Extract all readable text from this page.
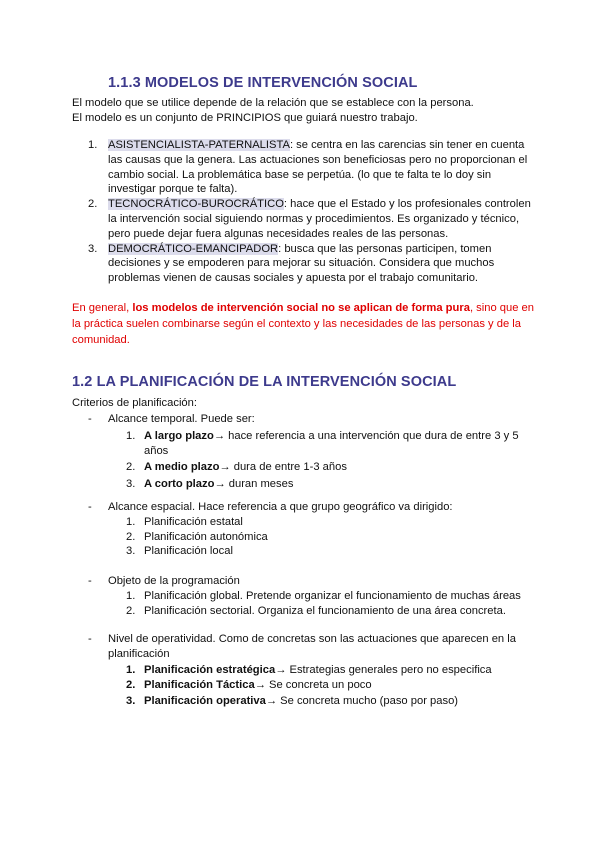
1.1.3 MODELOS DE INTERVENCIÓN SOCIAL
El modelo que se utilice depende de la relación que se establece con la persona.
El modelo es un conjunto de PRINCIPIOS que guiará nuestro trabajo.
1. ASISTENCIALISTA-PATERNALISTA: se centra en las carencias sin tener en cuenta las causas que la genera. Las actuaciones son beneficiosas pero no proporcionan el cambio social. La problemática base se perpetúa. (lo que te falta te lo doy sin investigar porque te falta).
2. TECNOCRÁTICO-BUROCRÁTICO: hace que el Estado y los profesionales controlen la intervención social siguiendo normas y procedimientos. Es organizado y técnico, pero puede dejar fuera algunas necesidades reales de las personas.
3. DEMOCRÁTICO-EMANCIPADOR: busca que las personas participen, tomen decisiones y se empoderen para mejorar su situación. Considera que muchos problemas vienen de causas sociales y apuesta por el trabajo comunitario.
En general, los modelos de intervención social no se aplican de forma pura, sino que en la práctica suelen combinarse según el contexto y las necesidades de las personas y de la comunidad.
1.2 LA PLANIFICACIÓN DE LA INTERVENCIÓN SOCIAL
Criterios de planificación:
-	Alcance temporal. Puede ser:
1. A largo plazo→ hace referencia a una intervención que dura de entre 3 y 5 años
2. A medio plazo→ dura de entre 1-3 años
3. A corto plazo→ duran meses
-	Alcance espacial. Hace referencia a que grupo geográfico va dirigido:
1. Planificación estatal
2. Planificación autonómica
3. Planificación local
-	Objeto de la programación
1. Planificación global. Pretende organizar el funcionamiento de muchas áreas
2. Planificación sectorial. Organiza el funcionamiento de una área concreta.
-	Nivel de operatividad. Como de concretas son las actuaciones que aparecen en la planificación
1. Planificación estratégica→ Estrategias generales pero no especifica
2. Planificación Táctica→ Se concreta un poco
3. Planificación operativa→ Se concreta mucho (paso por paso)
